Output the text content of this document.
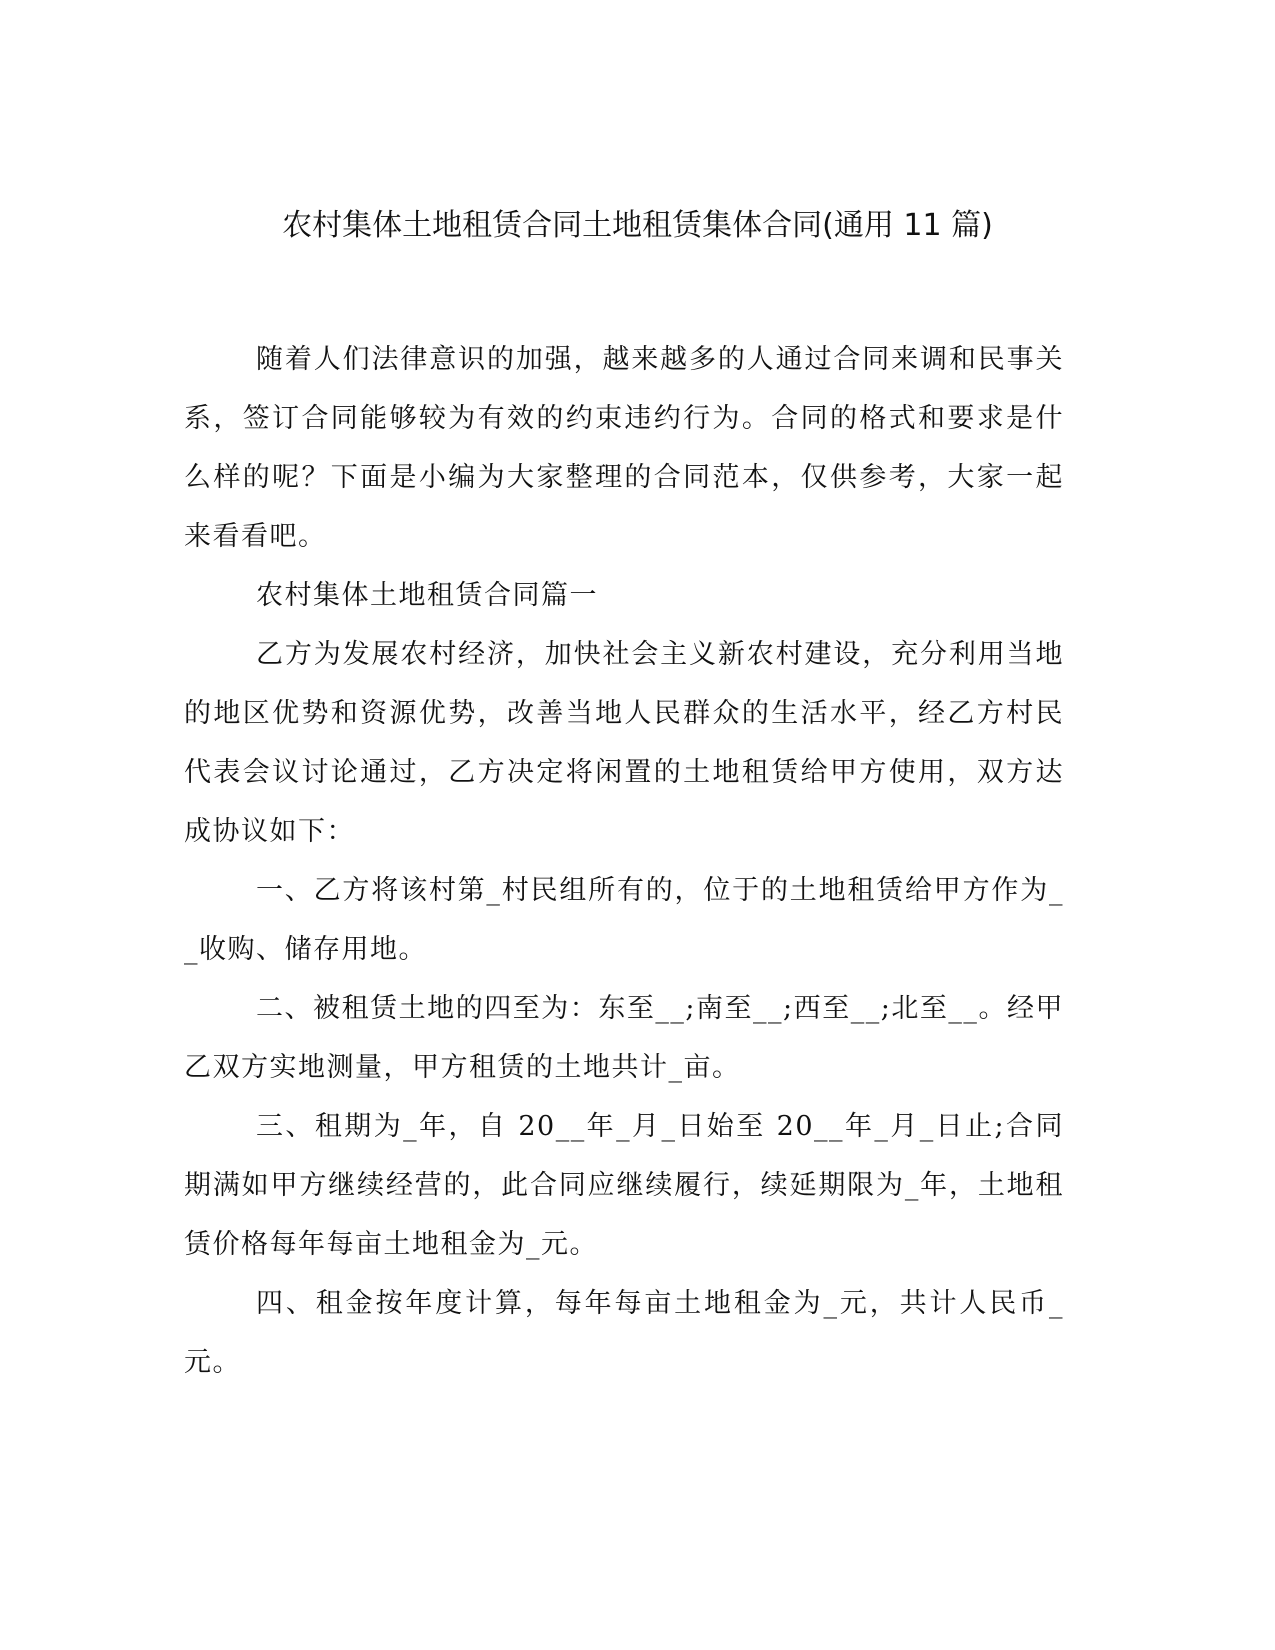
农村集体土地租赁合同土地租赁集体合同(通用 11 篇)

随着人们法律意识的加强，越来越多的人通过合同来调和民事关系，签订合同能够较为有效的约束违约行为。合同的格式和要求是什么样的呢？下面是小编为大家整理的合同范本，仅供参考，大家一起来看看吧。

农村集体土地租赁合同篇一

乙方为发展农村经济，加快社会主义新农村建设，充分利用当地的地区优势和资源优势，改善当地人民群众的生活水平，经乙方村民代表会议讨论通过，乙方决定将闲置的土地租赁给甲方使用，双方达成协议如下：

一、乙方将该村第_村民组所有的，位于的土地租赁给甲方作为__收购、储存用地。

二、被租赁土地的四至为：东至__;南至__;西至__;北至__。经甲乙双方实地测量，甲方租赁的土地共计_亩。

三、租期为_年，自 20__年_月_日始至 20__年_月_日止;合同期满如甲方继续经营的，此合同应继续履行，续延期限为_年，土地租赁价格每年每亩土地租金为_元。

四、租金按年度计算，每年每亩土地租金为_元，共计人民币_元。
